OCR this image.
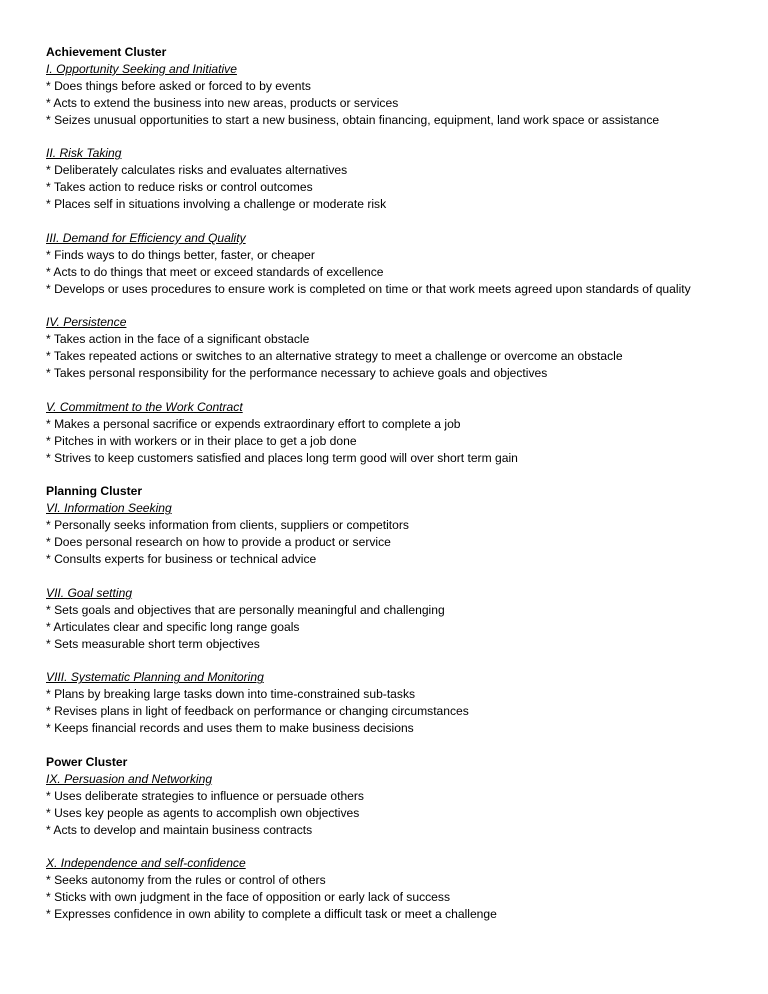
Achievement Cluster

I. Opportunity Seeking and Initiative

* Does things before asked or forced to by events

* Acts to extend the business into new areas, products or services

* Seizes unusual opportunities to start a new business, obtain financing, equipment, land work space or assistance

II. Risk Taking

* Deliberately calculates risks and evaluates alternatives

* Takes action to reduce risks or control outcomes

* Places self in situations involving a challenge or moderate risk

III. Demand for Efficiency and Quality

* Finds ways to do things better, faster, or cheaper

* Acts to do things that meet or exceed standards of excellence

* Develops or uses procedures to ensure work is completed on time or that work meets agreed upon standards of quality

IV. Persistence

* Takes action in the face of a significant obstacle

* Takes repeated actions or switches to an alternative strategy to meet a challenge or overcome an obstacle

* Takes personal responsibility for the performance necessary to achieve goals and objectives

V. Commitment to the Work Contract

* Makes a personal sacrifice or expends extraordinary effort to complete a job

* Pitches in with workers or in their place to get a job done

* Strives to keep customers satisfied and places long term good will over short term gain

Planning Cluster

VI. Information Seeking

* Personally seeks information from clients, suppliers or competitors

* Does personal research on how to provide a product or service

* Consults experts for business or technical advice

VII. Goal setting

* Sets goals and objectives that are personally meaningful and challenging

* Articulates clear and specific long range goals

* Sets measurable short term objectives

VIII. Systematic Planning and Monitoring

* Plans by breaking large tasks down into time-constrained sub-tasks

* Revises plans in light of feedback on performance or changing circumstances

* Keeps financial records and uses them to make business decisions

Power Cluster

IX. Persuasion and Networking

* Uses deliberate strategies to influence or persuade others

* Uses key people as agents to accomplish own objectives

* Acts to develop and maintain business contracts

X. Independence and self-confidence

* Seeks autonomy from the rules or control of others

* Sticks with own judgment in the face of opposition or early lack of success

* Expresses confidence in own ability to complete a difficult task or meet a challenge
